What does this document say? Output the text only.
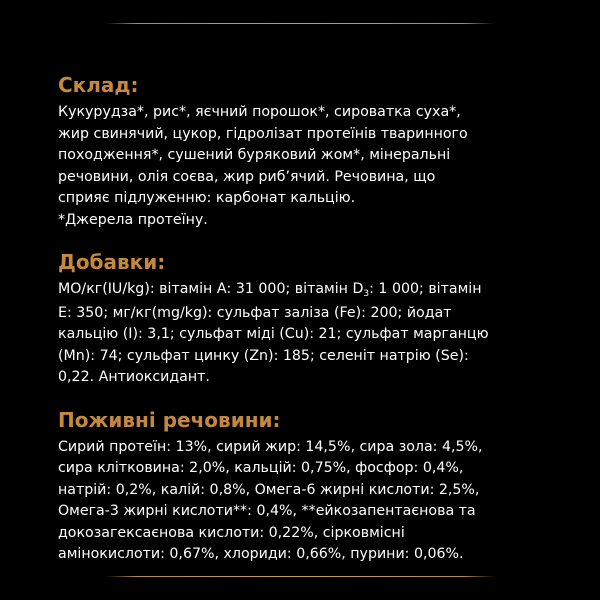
Склад:
Кукурудза*, рис*, яєчний порошок*, сироватка суха*,
жир свинячий, цукор, гідролізат протеїнів тваринного
походження*, сушений буряковий жом*, мінеральні
речовини, олія соєва, жир риб’ячий. Речовина, що
сприяє підлуженню: карбонат кальцію.
*Джерела протеїну.
Добавки:
МО/кг(IU/kg): вітамін А: 31 000; вітамін $D_3$: 1 000; вітамін
Е: 350; мг/кг(mg/kg): сульфат заліза (Fe): 200; йодат
кальцію (I): 3,1; сульфат міді (Cu): 21; сульфат марганцю
(Mn): 74; сульфат цинку (Zn): 185; селеніт натрію (Se):
0,22. Антиоксидант.
Поживні речовини:
Сирий протеїн: 13%, сирий жир: 14,5%, сира зола: 4,5%,
сира клітковина: 2,0%, кальцій: 0,75%, фосфор: 0,4%,
натрій: 0,2%, калій: 0,8%, Омега-6 жирні кислоти: 2,5%,
Омега-3 жирні кислоти**: 0,4%, **ейкозапентаєнова та
докозагексаєнова кислоти: 0,22%, сірковмісні
амінокислоти: 0,67%, хлориди: 0,66%, пурини: 0,06%.
